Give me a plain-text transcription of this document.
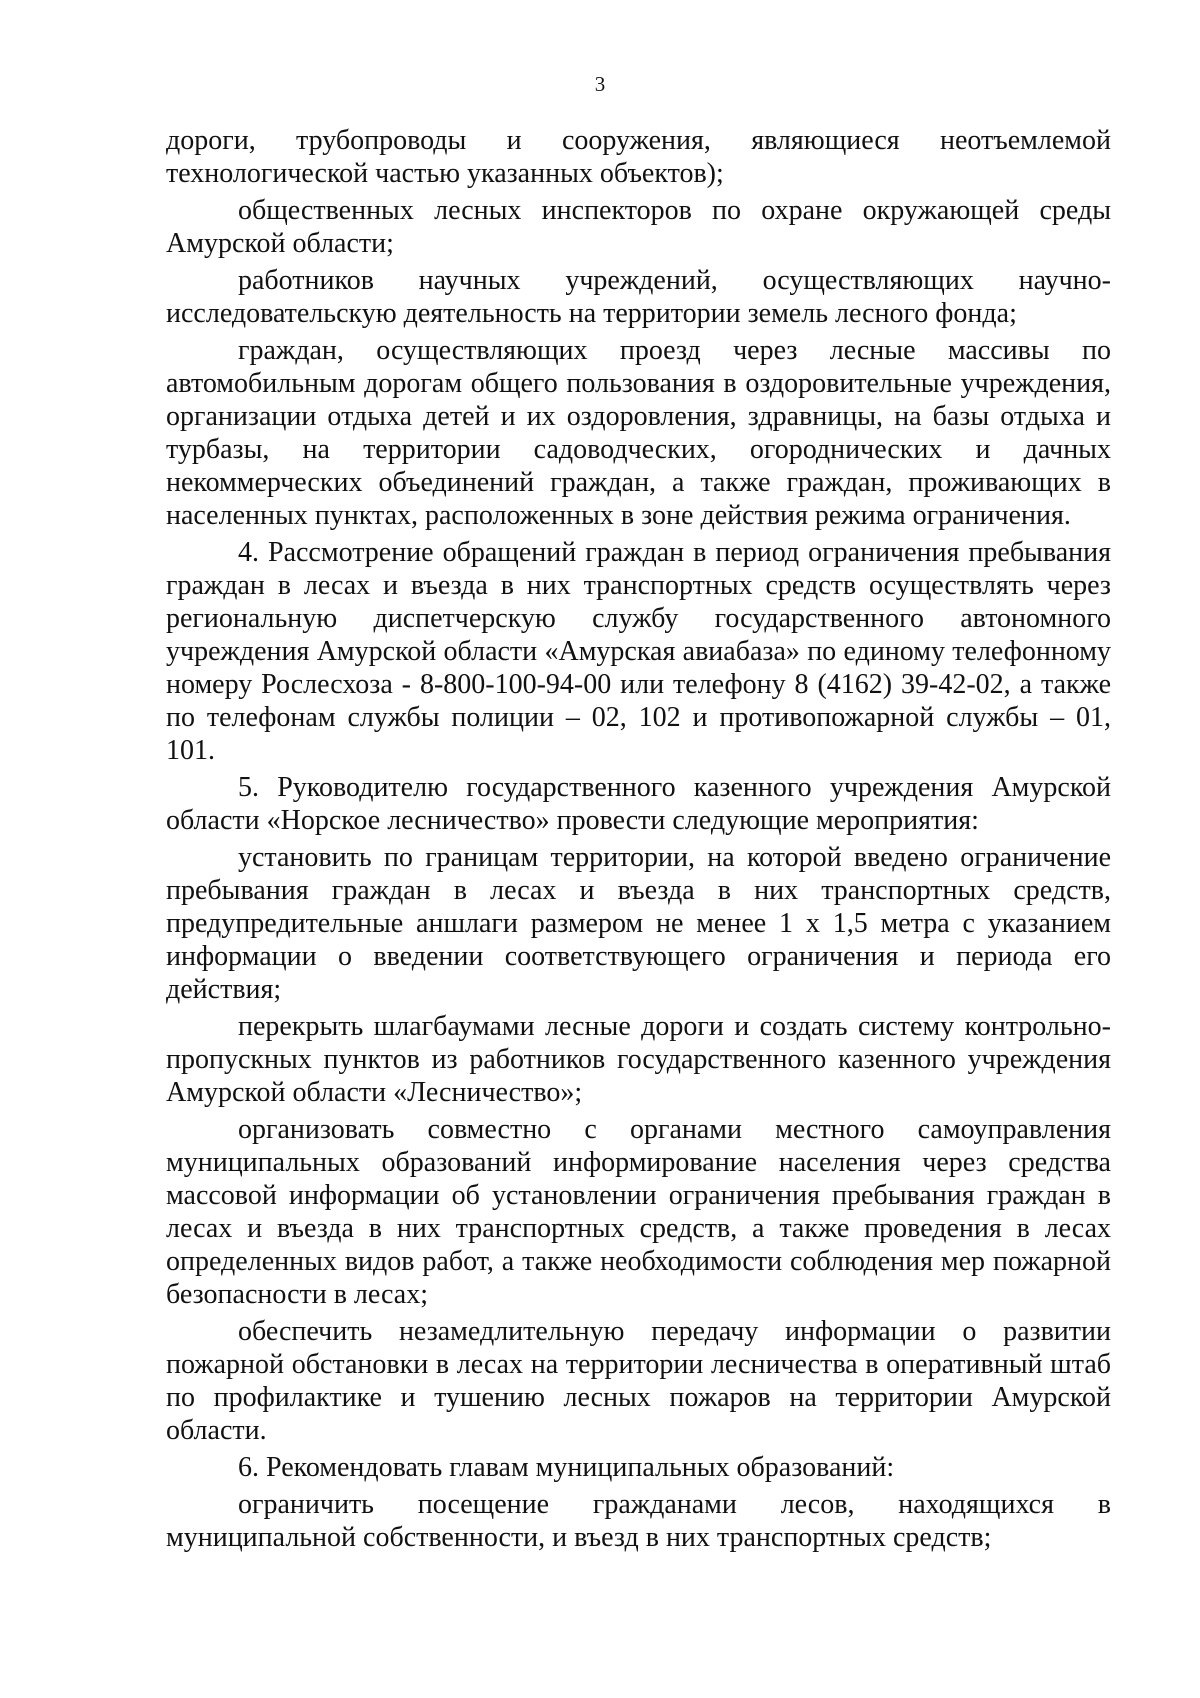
3

дороги, трубопроводы и сооружения, являющиеся неотъемлемой технологической частью указанных объектов);

общественных лесных инспекторов по охране окружающей среды Амурской области;

работников научных учреждений, осуществляющих научно-исследовательскую деятельность на территории земель лесного фонда;

граждан, осуществляющих проезд через лесные массивы по автомобильным дорогам общего пользования в оздоровительные учреждения, организации отдыха детей и их оздоровления, здравницы, на базы отдыха и турбазы, на территории садоводческих, огороднических и дачных некоммерческих объединений граждан, а также граждан, проживающих в населенных пунктах, расположенных в зоне действия режима ограничения.

4. Рассмотрение обращений граждан в период ограничения пребывания граждан в лесах и въезда в них транспортных средств осуществлять через региональную диспетчерскую службу государственного автономного учреждения Амурской области «Амурская авиабаза» по единому телефонному номеру Рослесхоза - 8-800-100-94-00 или телефону 8 (4162) 39-42-02, а также по телефонам службы полиции – 02, 102 и противопожарной службы – 01, 101.

5. Руководителю государственного казенного учреждения Амурской области «Норское лесничество» провести следующие мероприятия:

установить по границам территории, на которой введено ограничение пребывания граждан в лесах и въезда в них транспортных средств, предупредительные аншлаги размером не менее 1 х 1,5 метра с указанием информации о введении соответствующего ограничения и периода его действия;

перекрыть шлагбаумами лесные дороги и создать систему контрольно-пропускных пунктов из работников государственного казенного учреждения Амурской области «Лесничество»;

организовать совместно с органами местного самоуправления муниципальных образований информирование населения через средства массовой информации об установлении ограничения пребывания граждан в лесах и въезда в них транспортных средств, а также проведения в лесах определенных видов работ, а также необходимости соблюдения мер пожарной безопасности в лесах;

обеспечить незамедлительную передачу информации о развитии пожарной обстановки в лесах на территории лесничества в оперативный штаб по профилактике и тушению лесных пожаров на территории Амурской области.

6. Рекомендовать главам муниципальных образований:

ограничить посещение гражданами лесов, находящихся в муниципальной собственности, и въезд в них транспортных средств;
